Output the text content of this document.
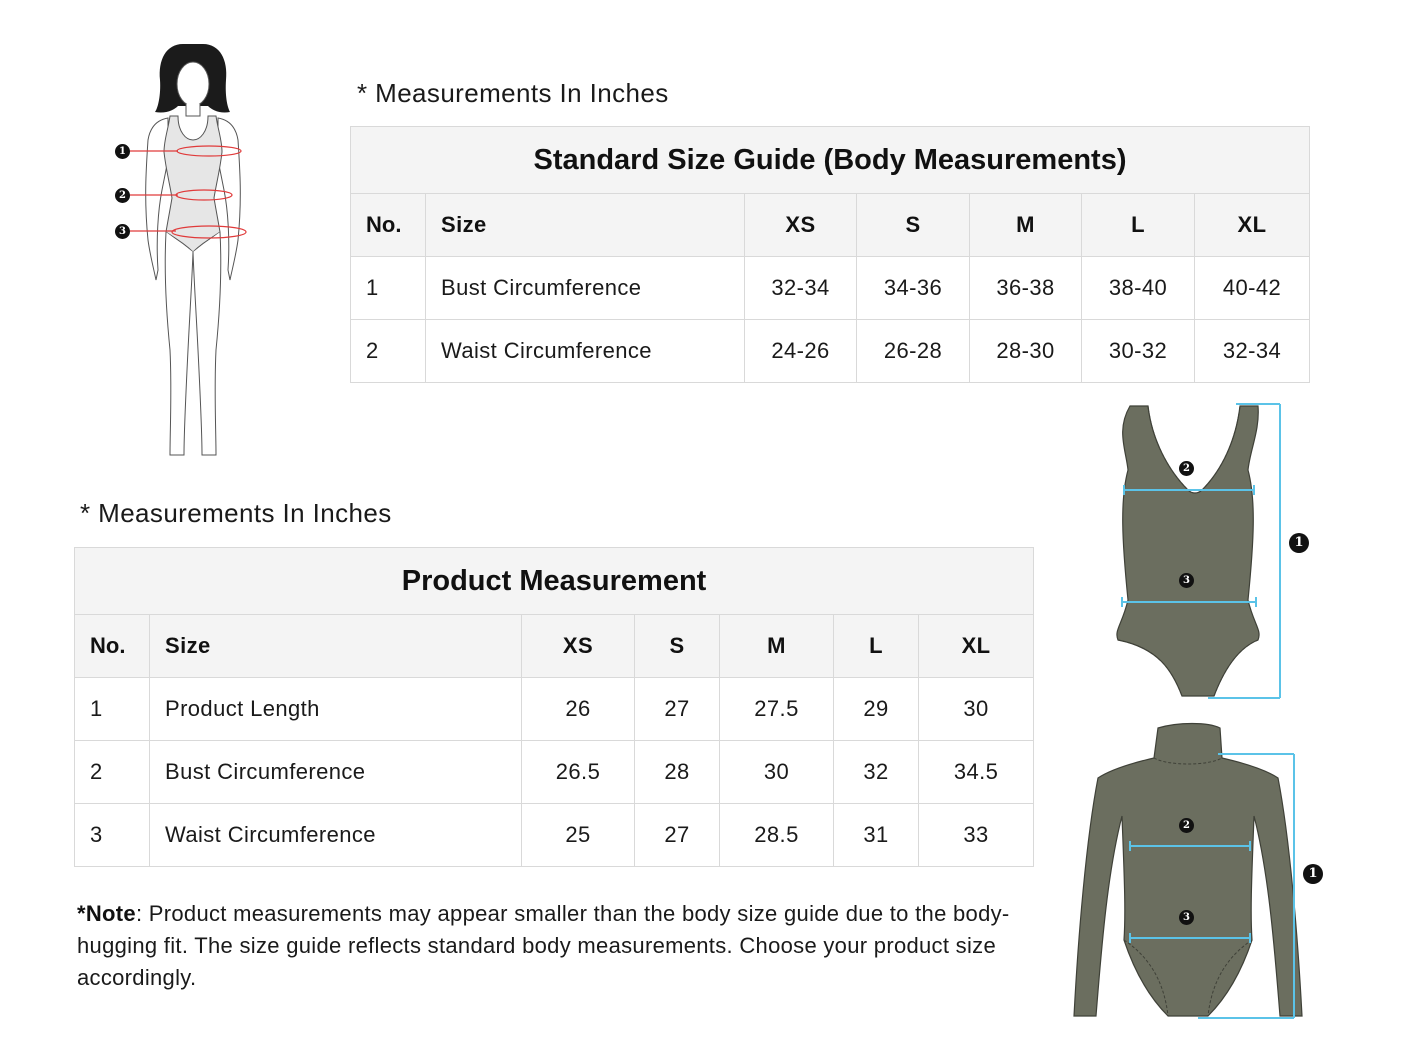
1
2
3
* Measurements In Inches
Standard Size Guide (Body Measurements)						
No.	Size	XS	S	M	L	XL
1	Bust Circumference	32-34	34-36	36-38	38-40	40-42
2	Waist Circumference	24-26	26-28	28-30	30-32	32-34
* Measurements In Inches
Product Measurement						
No.	Size	XS	S	M	L	XL
1	Product Length	26	27	27.5	29	30
2	Bust Circumference	26.5	28	30	32	34.5
3	Waist Circumference	25	27	28.5	31	33
*Note: Product measurements may appear smaller than the body size guide due to the body-hugging fit. The size guide reflects standard body measurements. Choose your product size accordingly.
2
3
1
2
3
1
